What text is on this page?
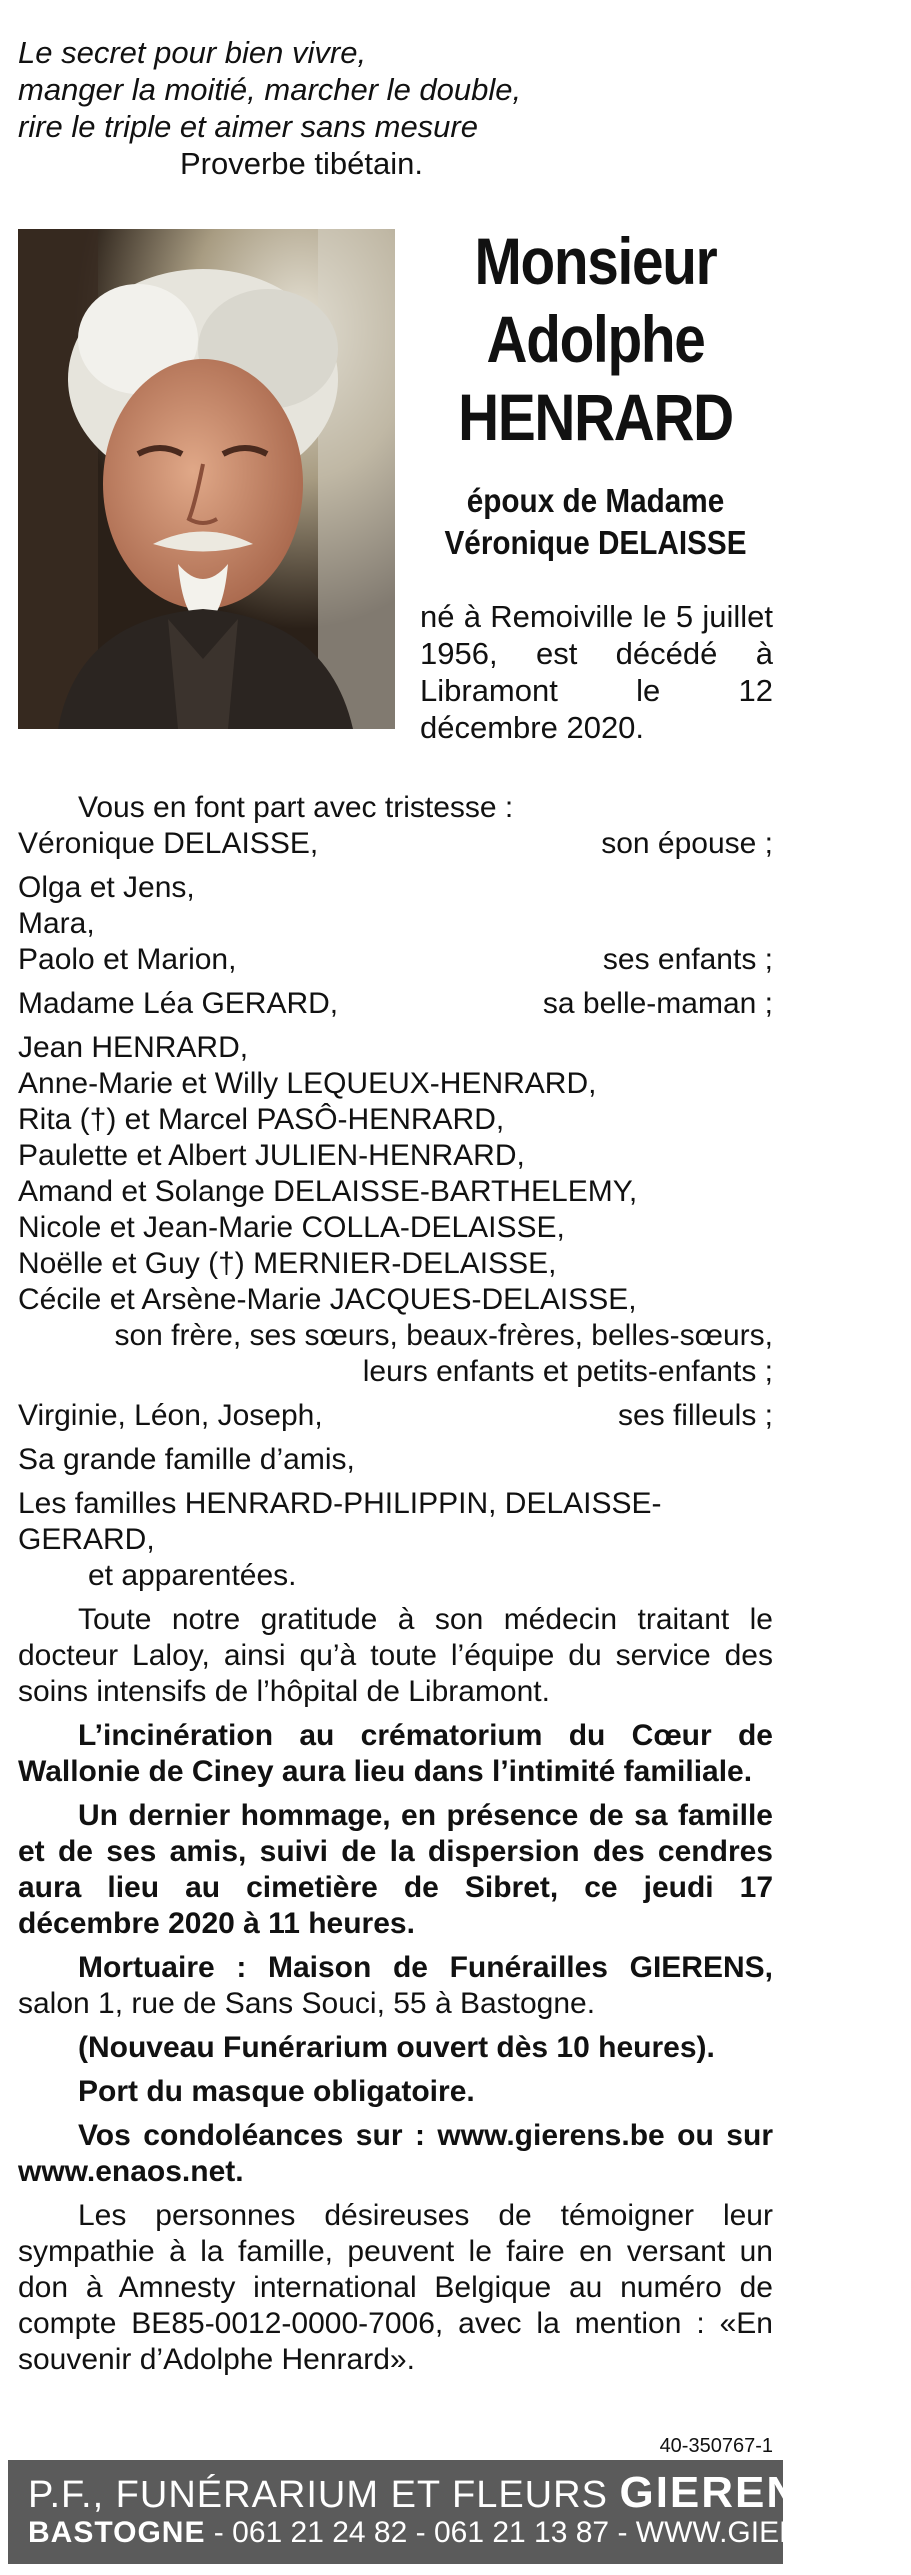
Le secret pour bien vivre,
manger la moitié, marcher le double,
rire le triple et aimer sans mesure
Proverbe tibétain.
Monsieur
Adolphe
HENRARD
époux de Madame
Véronique DELAISSE
né à Remoiville le 5 juillet 1956, est décédé à Libramont le 12 décembre 2020.

Vous en font part avec tristesse :

Véronique DELAISSE,	son épouse ;

Olga et Jens,

Mara,

Paolo et Marion,	ses enfants ;
Madame Léa GERARD,	sa belle-maman ;

Jean HENRARD,

Anne-Marie et Willy LEQUEUX-HENRARD,

Rita (†) et Marcel PASÔ-HENRARD,

Paulette et Albert JULIEN-HENRARD,

Amand et Solange DELAISSE-BARTHELEMY,

Nicole et Jean-Marie COLLA-DELAISSE,

Noëlle et Guy (†) MERNIER-DELAISSE,

Cécile et Arsène-Marie JACQUES-DELAISSE,

son frère, ses sœurs, beaux-frères, belles-sœurs,

leurs enfants et petits-enfants ;

Virginie, Léon, Joseph,	ses filleuls ;

Sa grande famille d’amis,

Les familles HENRARD-PHILIPPIN, DELAISSE-GERARD,

et apparentées.

Toute notre gratitude à son médecin traitant le docteur Laloy, ainsi qu’à toute l’équipe du service des soins intensifs de l’hôpital de Libramont.

L’incinération au crématorium du Cœur de Wallonie de Ciney aura lieu dans l’intimité familiale.

Un dernier hommage, en présence de sa famille et de ses amis, suivi de la dispersion des cendres aura lieu au cimetière de Sibret, ce jeudi 17 décembre 2020 à 11 heures.

Mortuaire : Maison de Funérailles GIERENS, salon 1, rue de Sans Souci, 55 à Bastogne.

(Nouveau Funérarium ouvert dès 10 heures).

Port du masque obligatoire.

Vos condoléances sur : www.gierens.be ou sur www.enaos.net.

Les personnes désireuses de témoigner leur sympathie à la famille, peuvent le faire en versant un don à Amnesty international Belgique au numéro de compte BE85-0012-0000-7006, avec la mention : «En souvenir d’Adolphe Henrard».

40-350767-1
P.F., FUNÉRARIUM ET FLEURS GIERENS
BASTOGNE - 061 21 24 82 - 061 21 13 87 - WWW.GIERENS.BE
